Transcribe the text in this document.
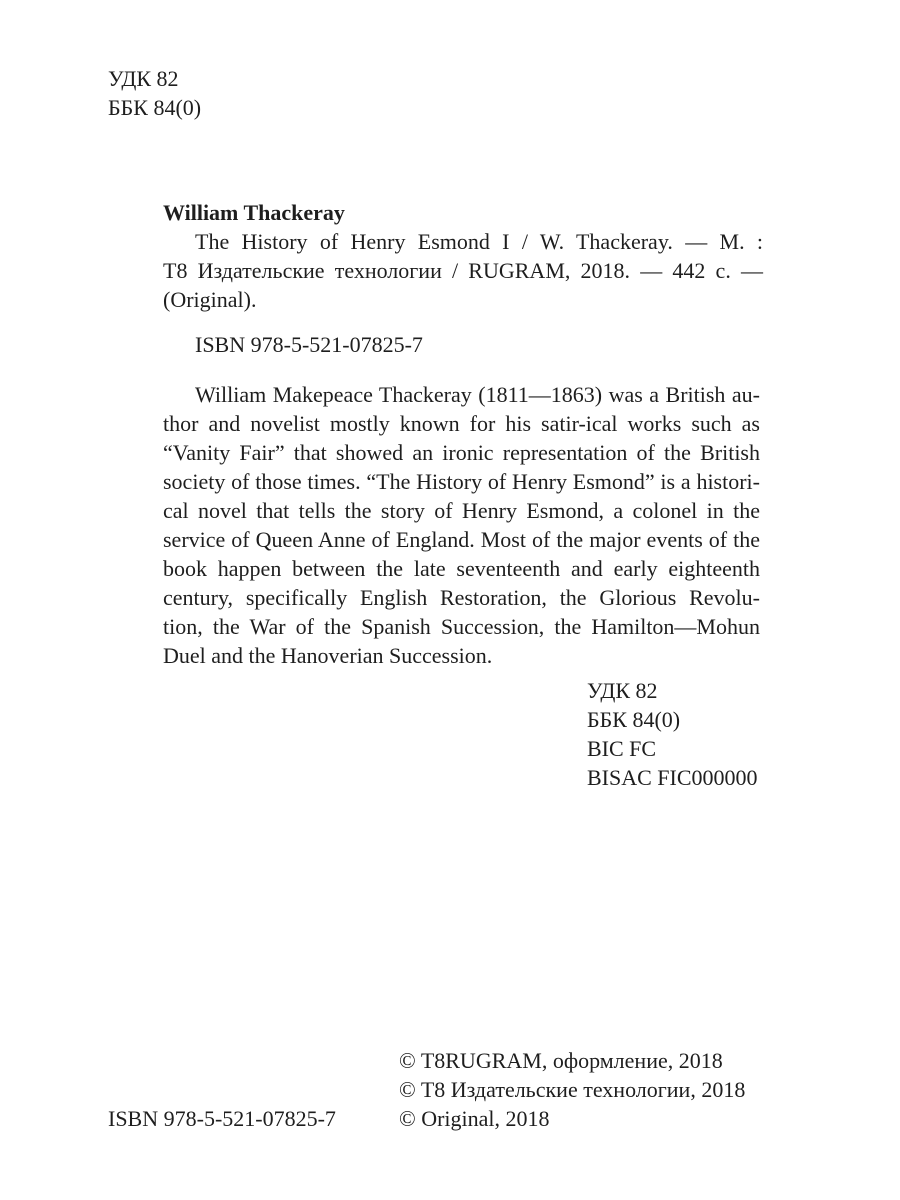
УДК 82
ББК 84(0)
William Thackeray
The History of Henry Esmond I / W. Thackeray. — M. :
T8 Издательские технологии / RUGRAM, 2018. — 442 с. —
(Original).
ISBN 978-5-521-07825-7
William Makepeace Thackeray (1811—1863) was a British au-
thor and novelist mostly known for his satir-ical works such as
“Vanity Fair” that showed an ironic representation of the British
society of those times. “The History of Henry Esmond” is a histori-
cal novel that tells the story of Henry Esmond, a colonel in the
service of Queen Anne of England. Most of the major events of the
book happen between the late seventeenth and early eighteenth
century, specifically English Restoration, the Glorious Revolu-
tion, the War of the Spanish Succession, the Hamilton—Mohun
Duel and the Hanoverian Succession.
УДК 82
ББК 84(0)
BIC FC
BISAC FIC000000
© T8RUGRAM, оформление, 2018
© T8 Издательские технологии, 2018
© Original, 2018
ISBN 978-5-521-07825-7
